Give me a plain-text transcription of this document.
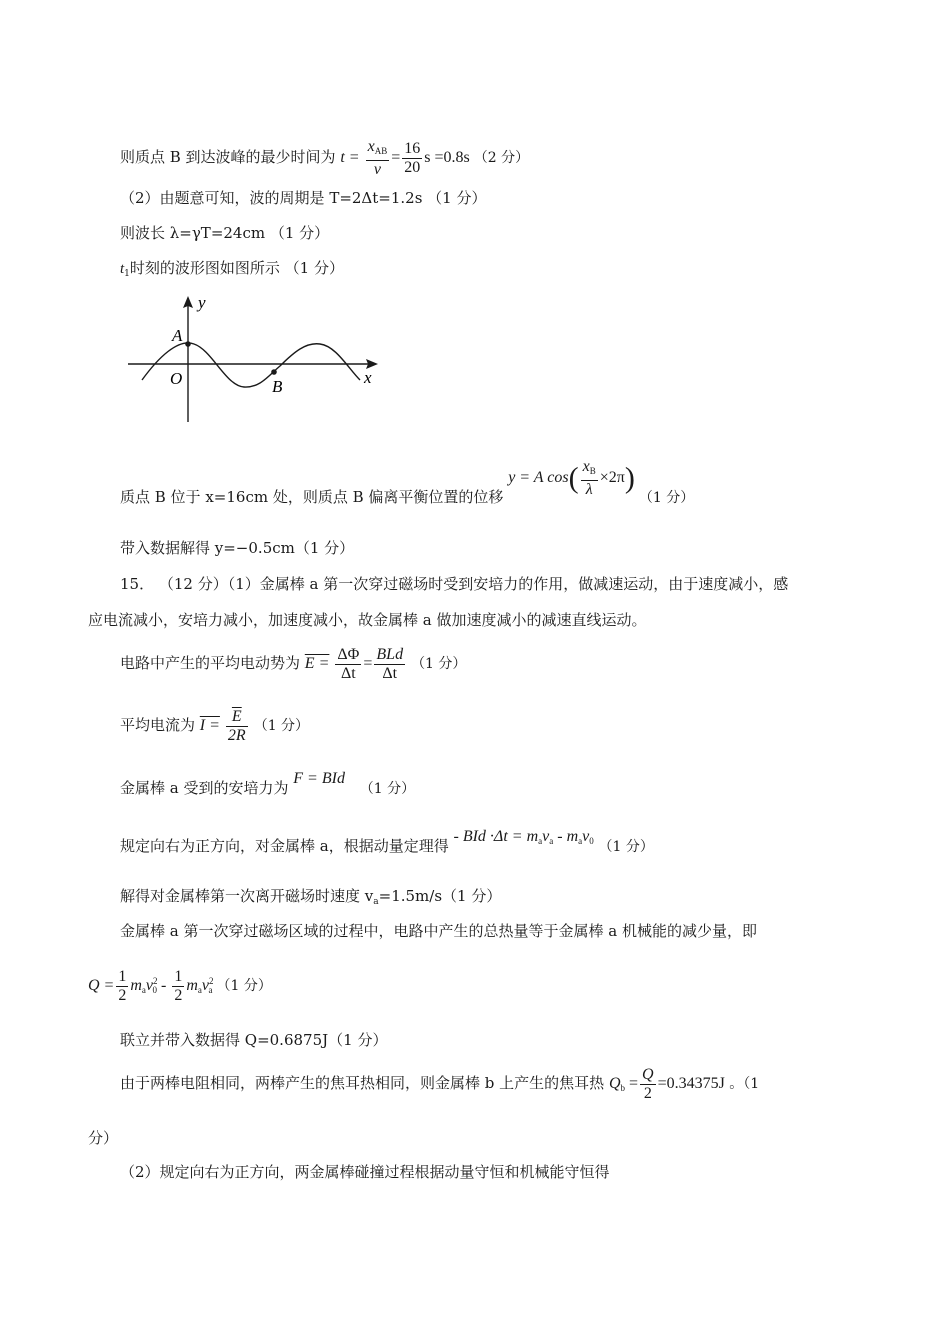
则质点 B 到达波峰的最少时间为 $t = \frac{x_{AB}}{v} = \frac{16}{20}$ s =0.8s （2 分）
（2）由题意可知，波的周期是 T=2Δt=1.2s （1 分）
则波长 λ=γT=24cm （1 分）
$t_1$时刻的波形图如图所示 （1 分）
y
x
O
A
B
质点 B 位于 x=16cm 处，则质点 B 偏离平衡位置的位移 y = A $\cos( \frac{x_B}{\lambda} \times 2\pi)$ （1 分）
带入数据解得 y=−0.5cm（1 分）
15． （12 分）（1）金属棒 a 第一次穿过磁场时受到安培力的作用，做减速运动，由于速度减小，感
应电流减小，安培力减小，加速度减小，故金属棒 a 做加速度减小的减速直线运动。
电路中产生的平均电动势为 $E = \frac{\Delta\Phi}{\Delta t} = \frac{\text{BLd}}{\Delta t} (1$ 分）
平均电流为 $I = \frac{\overline{E}}{2R} (1$ 分）
金属棒 a 受到的安培力为 F = BId （1 分）
规定向右为正方向，对金属棒 a，根据动量定理得 - BId $\cdot\Delta t = m_av_a - m_av_0$ （1 分）
解得对金属棒第一次离开磁场时速度 $v_a=1.5m/s(1$ 分）
金属棒 a 第一次穿过磁场区域的过程中，电路中产生的总热量等于金属棒 a 机械能的减少量，即
$Q = \frac{1}{2} m_av^2_0 - \frac{1}{2} m_av^2_a$ （1 分）
联立并带入数据得 Q=0.6875J（1 分）
由于两棒电阻相同，两棒产生的焦耳热相同，则金属棒 b 上产生的焦耳热 $Q_b = \frac{Q}{2} =0.34375J$ 。（1
分）
（2）规定向右为正方向，两金属棒碰撞过程根据动量守恒和机械能守恒得
